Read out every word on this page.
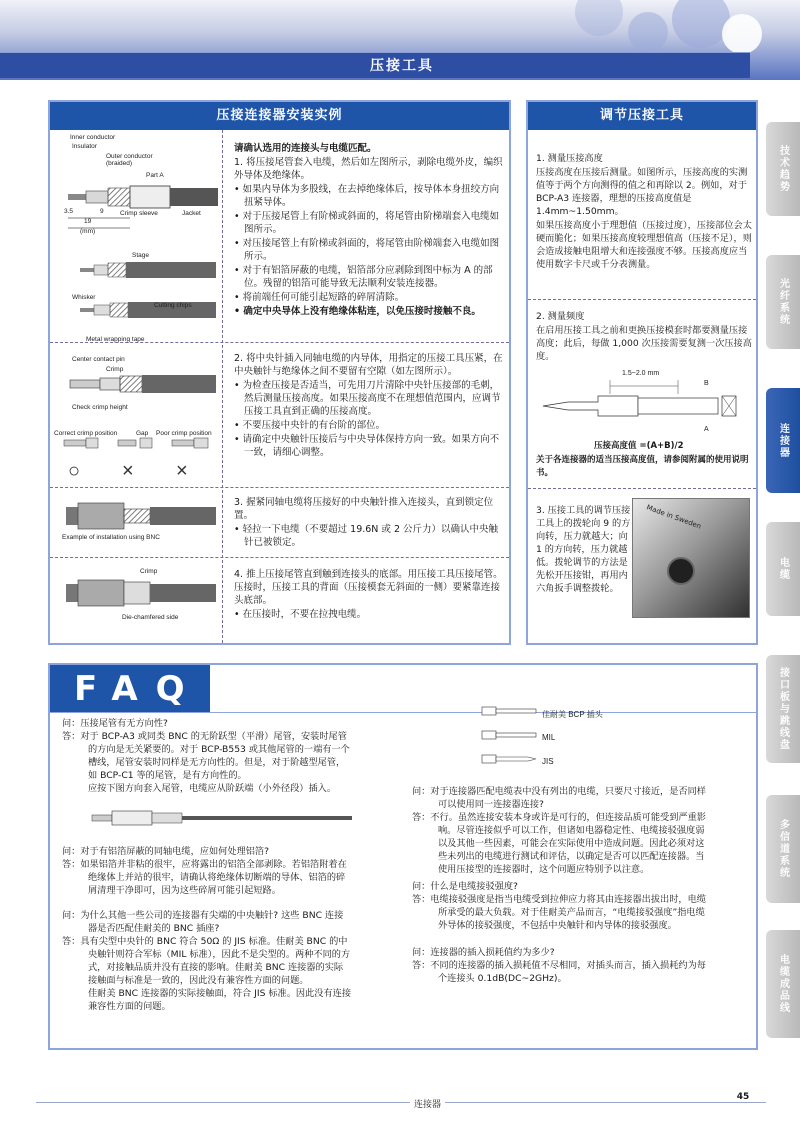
压接工具
压接连接器安装实例
Inner conductor
Insulator
Outer conductor (braided)
Part A
Crimp sleeve	Jacket
3.5	9
19
(mm)
Stage
Whisker
Cutting chips
Metal wrapping tape

请确认选用的连接头与电缆匹配。

1. 将压接尾管套入电缆，然后如左图所示，剥除电缆外皮，编织外导体及绝缘体。

• 如果内导体为多股线，在去掉绝缘体后，按导体本身扭绞方向扭紧导体。

• 对于压接尾管上有阶梯或斜面的，将尾管由阶梯端套入电缆如图所示。

• 对压接尾管上有阶梯或斜面的，将尾管由阶梯端套入电缆如图所示。

• 对于有铝箔屏蔽的电缆，铝箔部分应剥除到图中标为 A 的部位。残留的铝箔可能导致无法顺利安装连接器。

• 将前端任何可能引起短路的碎屑清除。

• 确定中央导体上没有绝缘体粘连，以免压接时接触不良。

Center contact pin
Crimp
Check crimp height
Correct crimp position	Gap Poor crimp position
○ × ×

2. 将中央针插入同轴电缆的内导体，用指定的压接工具压紧，在中央触针与绝缘体之间不要留有空隙（如左图所示）。

• 为检查压接是否适当，可先用刀片清除中央针压接部的毛刺，然后测量压接高度。如果压接高度不在理想值范围内，应调节压接工具直到正确的压接高度。

• 不要压接中央针的有台阶的部位。

• 请确定中央触针压接后与中央导体保持方向一致。如果方向不一致，请细心调整。

Example of installation using BNC

3. 握紧同轴电缆将压接好的中央触针推入连接头，直到锁定位置。

• 轻拉一下电缆（不要超过 19.6N 或 2 公斤力）以确认中央触针已被锁定。

Crimp
Die-chamfered side

4. 推上压接尾管直到触到连接头的底部。用压接工具压接尾管。压接时，压接工具的背面（压接模套无斜面的一侧）要紧靠连接头底部。

• 在压接时，不要在拉拽电缆。

调节压接工具

1. 测量压接高度

压接高度在压接后测量。如图所示，压接高度的实测值等于两个方向测得的值之和再除以 2。例如，对于 BCP-A3 连接器，理想的压接高度值是 1.4mm~1.50mm。

如果压接高度小于理想值（压接过度），压接部位会太硬而脆化；如果压接高度较理想值高（压接不足），则会造成接触电阻增大和连接强度不够。压接高度应当使用数字卡尺或千分表测量。

2. 测量频度

在启用压接工具之前和更换压接模套时都要测量压接高度；此后，每做 1,000 次压接需要复测一次压接高度。

1.5~2.0 mm
B
A
压接高度值 =(A+B)/2
关于各连接器的适当压接高度值，请参阅附属的使用说明书。
3. 压接工具的调节压接工具上的拨轮向 9 的方向转，压力就越大；向 1 的方向转，压力就越低。拨轮调节的方法是先松开压接钳，再用内六角扳手调整拨轮。
Made in Sweden
技术趋势
光纤系统
连接器
电缆
接口板与跳线盘
多信道系统
电缆成品线
FAQ

问：压接尾管有无方向性?

答：对于 BCP-A3 或同类 BNC 的无阶跃型（平滑）尾管，安装时尾管的方向是无关紧要的。对于 BCP-B553 或其他尾管的一端有一个槽线，尾管安装时同样是无方向性的。但是，对于阶越型尾管，如 BCP-C1 等的尾管，是有方向性的。

应按下图方向套入尾管，电缆应从阶跃端（小外径段）插入。

问：对于有铝箔屏蔽的同轴电缆，应如何处理铝箔?

答：如果铝箔并非粘的很牢，应将露出的铝箔全部剥除。若铝箔附着在绝缘体上并站的很牢，请确认将绝缘体切断端的导体、铝箔的碎屑清理干净即可，因为这些碎屑可能引起短路。

问：为什么其他一些公司的连接器有尖端的中央触针? 这些 BNC 连接器是否匹配佳耐美的 BNC 插座?

答：具有尖型中央针的 BNC 符合 50Ω 的 JIS 标准。佳耐美 BNC 的中央触针则符合军标（MIL 标准），因此不是尖型的。两种不同的方式，对接触品质并没有直接的影响。佳耐美 BNC 连接器的实际接触面与标准是一致的，因此没有兼容性方面的问题。

佳耐美 BNC 连接器的实际接触面，符合 JIS 标准。因此没有连接兼容性方面的问题。

佳耐美 BCP 插头
MIL
JIS

问：对于连接器匹配电缆表中没有列出的电缆，只要尺寸接近，是否同样可以使用同一连接器连接?

答：不行。虽然连接安装本身或许是可行的，但连接品质可能受到严重影响。尽管连接似乎可以工作，但诸如电器稳定性、电缆接驳强度弱以及其他一些因素，可能会在实际使用中造成问题。因此必须对这些未列出的电缆进行测试和评估，以确定是否可以匹配连接器。当使用压接型的连接器时，这个问题应特别予以注意。

问：什么是电缆接驳强度?

答：电缆接驳强度是指当电缆受到拉伸应力将其由连接器出拔出时，电缆所承受的最大负载。对于佳耐美产品而言，“电缆接驳强度”指电缆外导体的接驳强度，不包括中央触针和内导体的接驳强度。

问：连接器的插入损耗值约为多少?

答：不同的连接器的插入损耗值不尽相同，对插头而言，插入损耗约为每个连接头 0.1dB(DC~2GHz)。

连接器
45
